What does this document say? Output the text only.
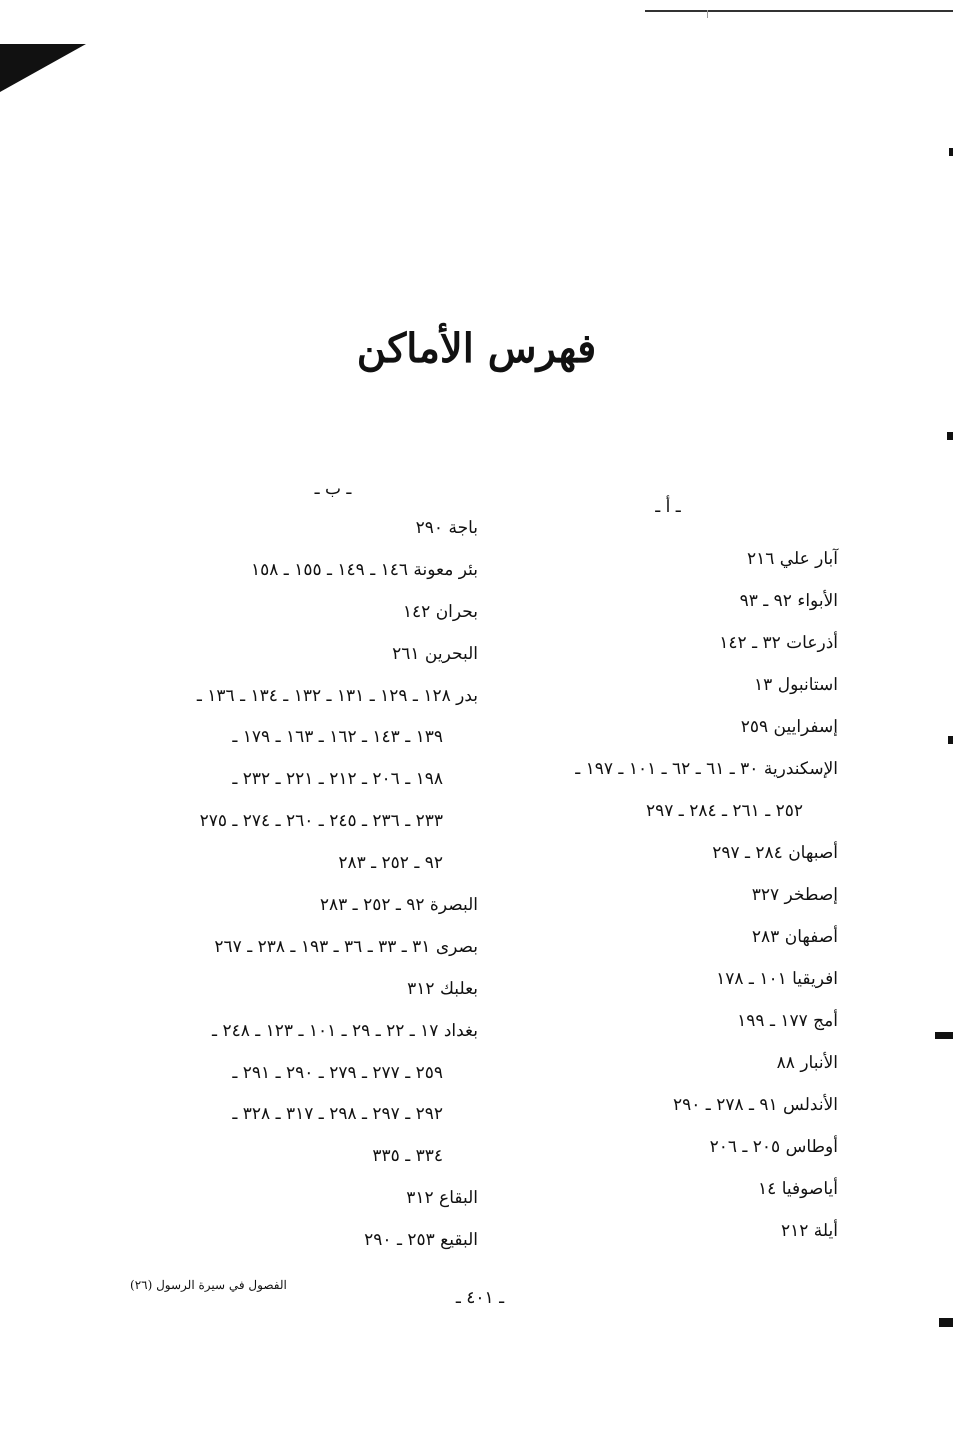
فهرس الأماكن
ـ أ ـ
آبار علي ٢١٦
الأبواء ٩٢ ـ ٩٣
أذرعات ٣٢ ـ ١٤٢
استانبول ١٣
إسفرايين ٢٥٩
الإسكندرية ٣٠ ـ ٦١ ـ ٦٢ ـ ١٠١ ـ ١٩٧ ـ
٢٥٢ ـ ٢٦١ ـ ٢٨٤ ـ ٢٩٧
أصبهان ٢٨٤ ـ ٢٩٧
إصطخر ٣٢٧
أصفهان ٢٨٣
افريقيا ١٠١ ـ ١٧٨
أمج ١٧٧ ـ ١٩٩
الأنبار ٨٨
الأندلس ٩١ ـ ٢٧٨ ـ ٢٩٠
أوطاس ٢٠٥ ـ ٢٠٦
أياصوفيا ١٤
أيلة ٢١٢
ـ ب ـ
باجة ٢٩٠
بئر معونة ١٤٦ ـ ١٤٩ ـ ١٥٥ ـ ١٥٨
بحران ١٤٢
البحرين ٢٦١
بدر ١٢٨ ـ ١٢٩ ـ ١٣١ ـ ١٣٢ ـ ١٣٤ ـ ١٣٦ ـ
١٣٩ ـ ١٤٣ ـ ١٦٢ ـ ١٦٣ ـ ١٧٩ ـ
١٩٨ ـ ٢٠٦ ـ ٢١٢ ـ ٢٢١ ـ ٢٣٢ ـ
٢٣٣ ـ ٢٣٦ ـ ٢٤٥ ـ ٢٦٠ ـ ٢٧٤ ـ ٢٧٥
٩٢ ـ ٢٥٢ ـ ٢٨٣
البصرة ٩٢ ـ ٢٥٢ ـ ٢٨٣
بصرى ٣١ ـ ٣٣ ـ ٣٦ ـ ١٩٣ ـ ٢٣٨ ـ ٢٦٧
بعلبك ٣١٢
بغداد ١٧ ـ ٢٢ ـ ٢٩ ـ ١٠١ ـ ١٢٣ ـ ٢٤٨ ـ
٢٥٩ ـ ٢٧٧ ـ ٢٧٩ ـ ٢٩٠ ـ ٢٩١ ـ
٢٩٢ ـ ٢٩٧ ـ ٢٩٨ ـ ٣١٧ ـ ٣٢٨ ـ
٣٣٤ ـ ٣٣٥
البقاع ٣١٢
البقيع ٢٥٣ ـ ٢٩٠
الفصول في سيرة الرسول (٢٦)
ـ ٤٠١ ـ
